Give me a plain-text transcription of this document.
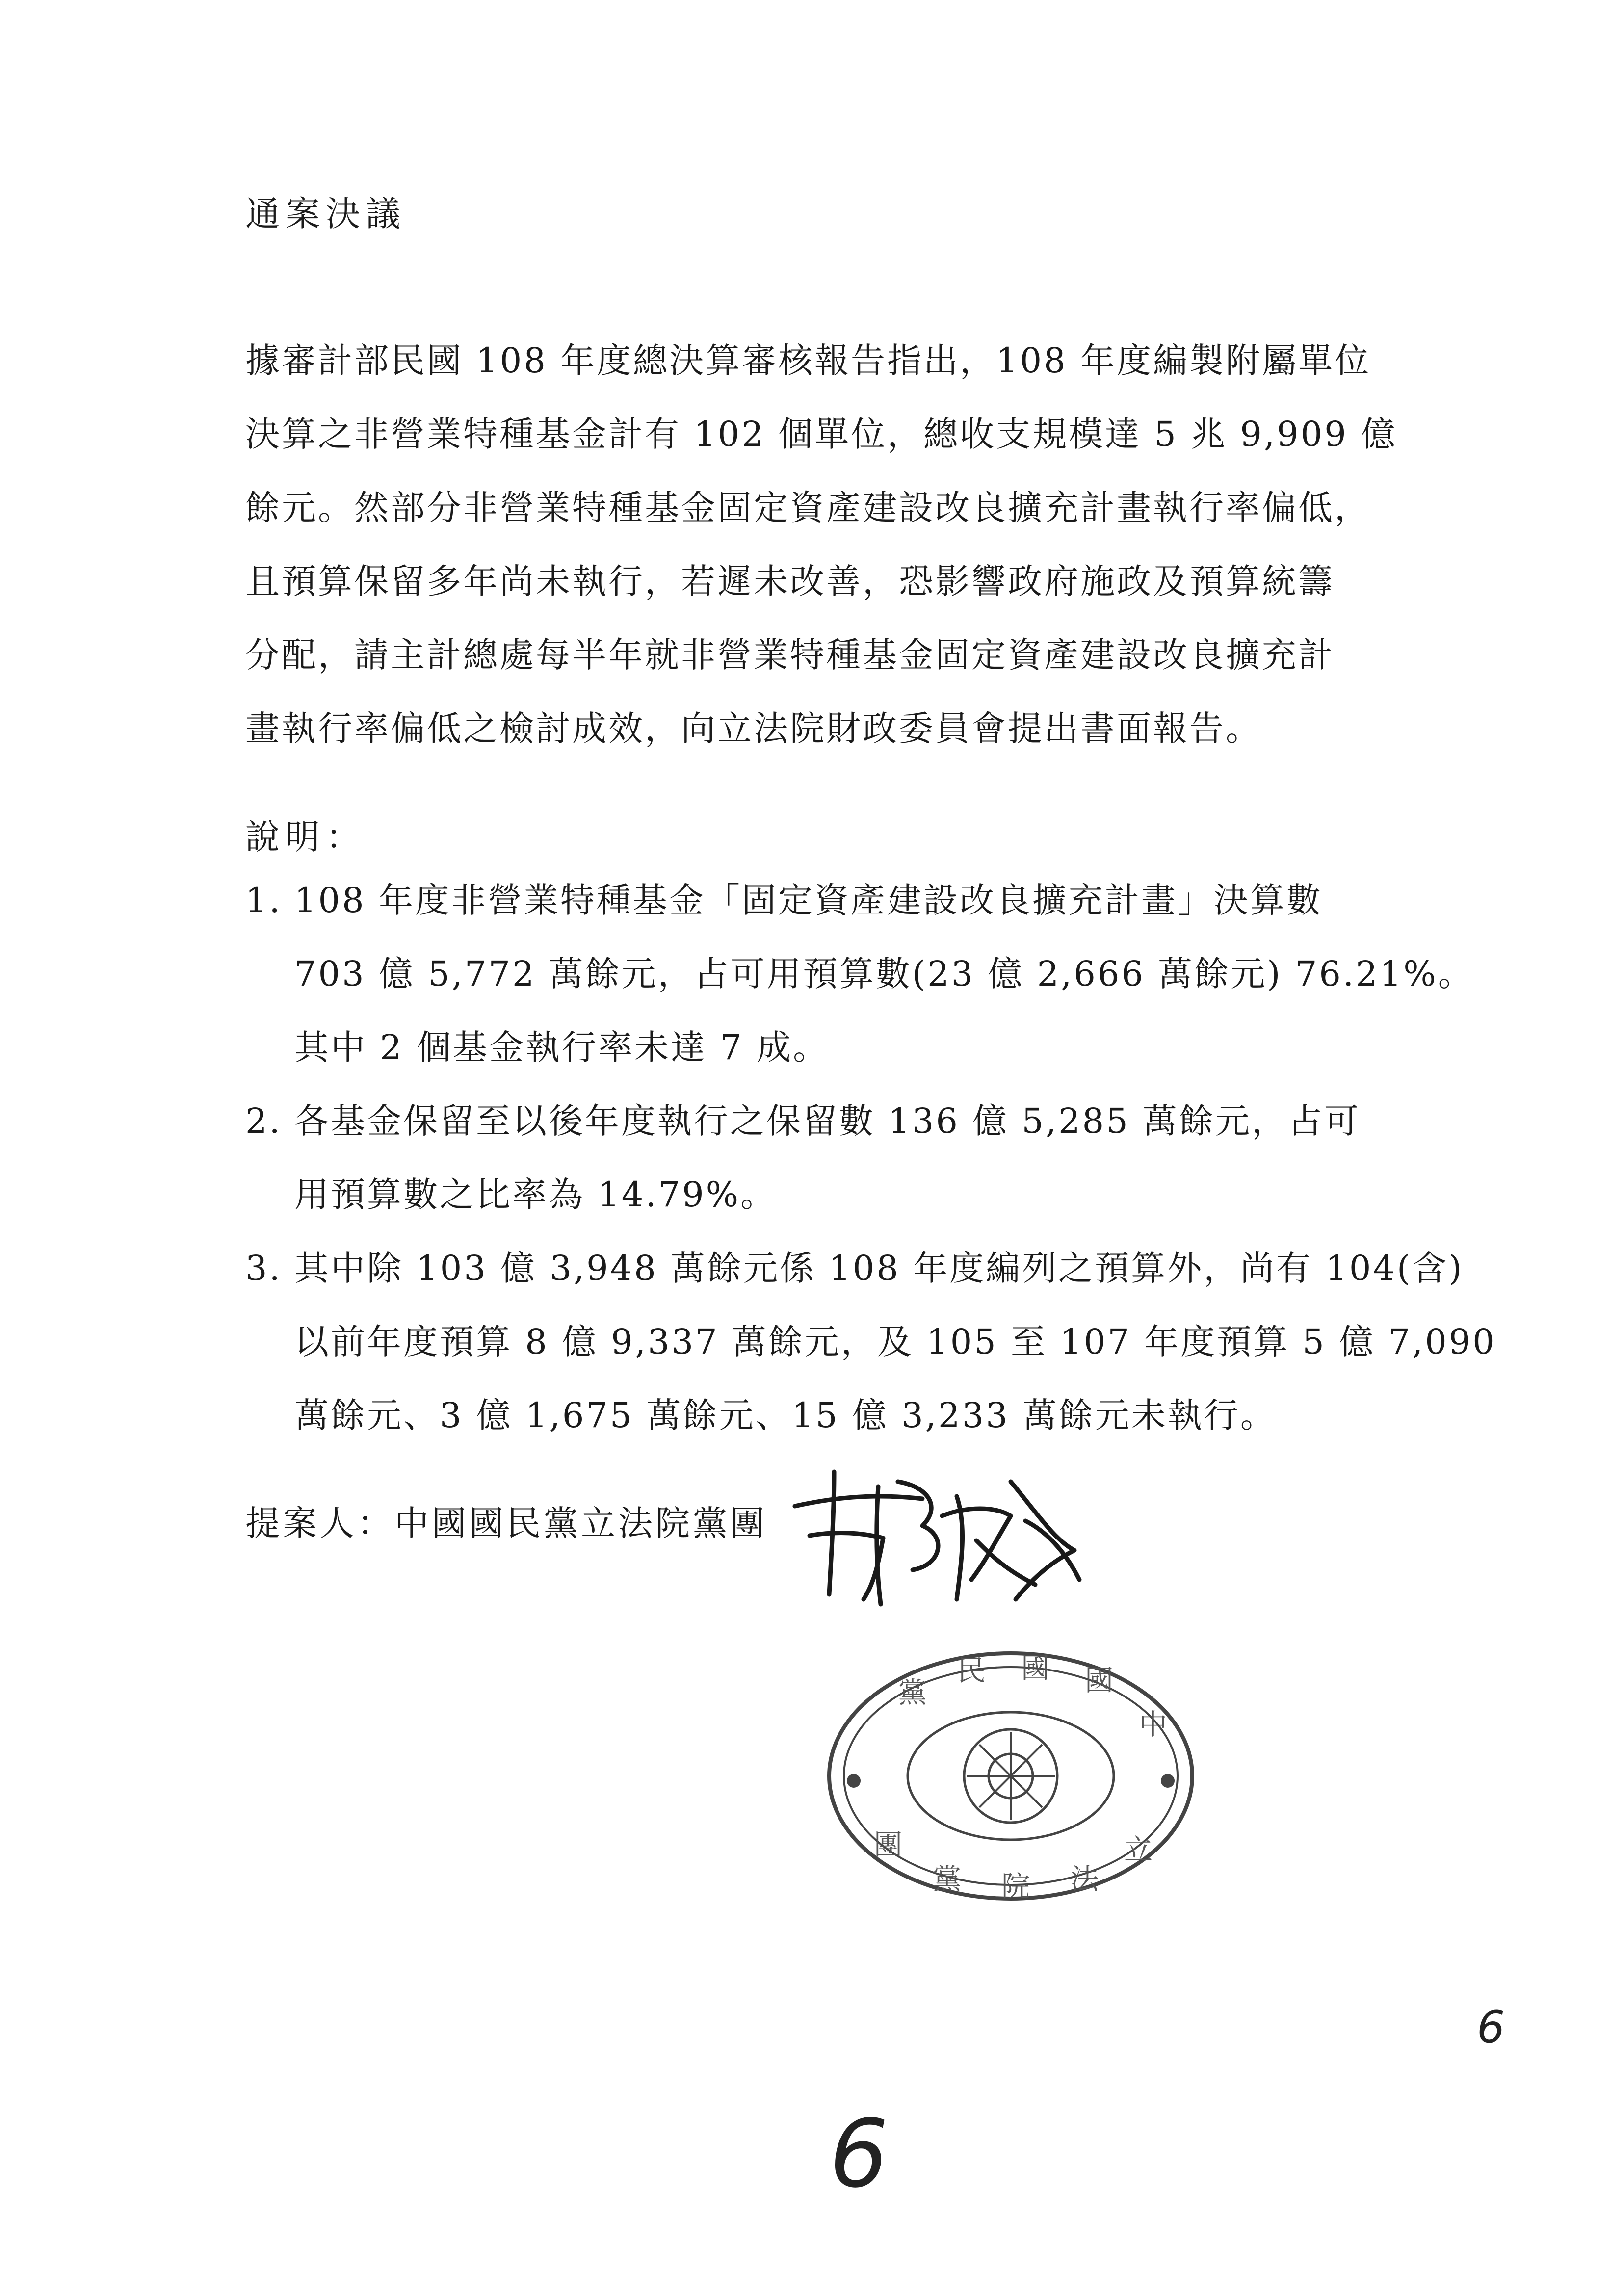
通案決議
據審計部民國 108 年度總決算審核報告指出，108 年度編製附屬單位
決算之非營業特種基金計有 102 個單位，總收支規模達 5 兆 9,909 億
餘元。然部分非營業特種基金固定資產建設改良擴充計畫執行率偏低，
且預算保留多年尚未執行，若遲未改善，恐影響政府施政及預算統籌
分配，請主計總處每半年就非營業特種基金固定資產建設改良擴充計
畫執行率偏低之檢討成效，向立法院財政委員會提出書面報告。
說明：
1. 108 年度非營業特種基金「固定資產建設改良擴充計畫」決算數
703 億 5,772 萬餘元，占可用預算數(23 億 2,666 萬餘元) 76.21%。
其中 2 個基金執行率未達 7 成。
2. 各基金保留至以後年度執行之保留數 136 億 5,285 萬餘元，占可
用預算數之比率為 14.79%。
3. 其中除 103 億 3,948 萬餘元係 108 年度編列之預算外，尚有 104(含)
以前年度預算 8 億 9,337 萬餘元，及 105 至 107 年度預算 5 億 7,090
萬餘元、3 億 1,675 萬餘元、15 億 3,233 萬餘元未執行。
提案人：中國國民黨立法院黨團
中
國
國
民
黨
立
法
院
黨
團
6
6
